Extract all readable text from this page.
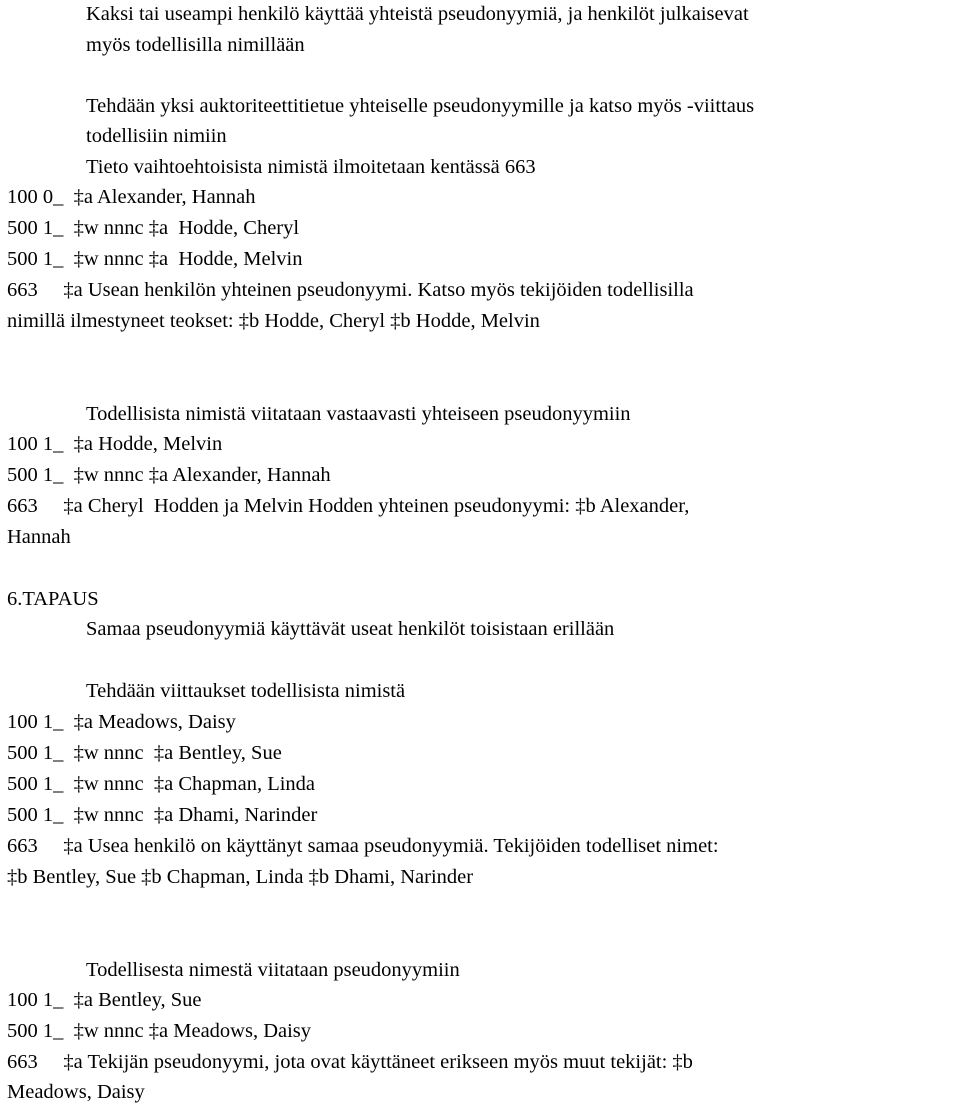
Kaksi tai useampi henkilö käyttää yhteistä pseudonyymiä, ja henkilöt julkaisevat
myös todellisilla nimillään
Tehdään yksi auktoriteettitietue yhteiselle pseudonyymille ja katso myös -viittaus
todellisiin nimiin
Tieto vaihtoehtoisista nimistä ilmoitetaan kentässä 663
100 0_  ‡a Alexander, Hannah
500 1_  ‡w nnnc ‡a  Hodde, Cheryl
500 1_  ‡w nnnc ‡a  Hodde, Melvin
663     ‡a Usean henkilön yhteinen pseudonyymi. Katso myös tekijöiden todellisilla
nimillä ilmestyneet teokset: ‡b Hodde, Cheryl ‡b Hodde, Melvin
Todellisista nimistä viitataan vastaavasti yhteiseen pseudonyymiin
100 1_  ‡a Hodde, Melvin
500 1_  ‡w nnnc ‡a Alexander, Hannah
663     ‡a Cheryl  Hodden ja Melvin Hodden yhteinen pseudonyymi: ‡b Alexander,
Hannah
6.TAPAUS
Samaa pseudonyymiä käyttävät useat henkilöt toisistaan erillään
Tehdään viittaukset todellisista nimistä
100 1_  ‡a Meadows, Daisy
500 1_  ‡w nnnc  ‡a Bentley, Sue
500 1_  ‡w nnnc  ‡a Chapman, Linda
500 1_  ‡w nnnc  ‡a Dhami, Narinder
663     ‡a Usea henkilö on käyttänyt samaa pseudonyymiä. Tekijöiden todelliset nimet:
‡b Bentley, Sue ‡b Chapman, Linda ‡b Dhami, Narinder
Todellisesta nimestä viitataan pseudonyymiin
100 1_  ‡a Bentley, Sue
500 1_  ‡w nnnc ‡a Meadows, Daisy
663     ‡a Tekijän pseudonyymi, jota ovat käyttäneet erikseen myös muut tekijät: ‡b
Meadows, Daisy
